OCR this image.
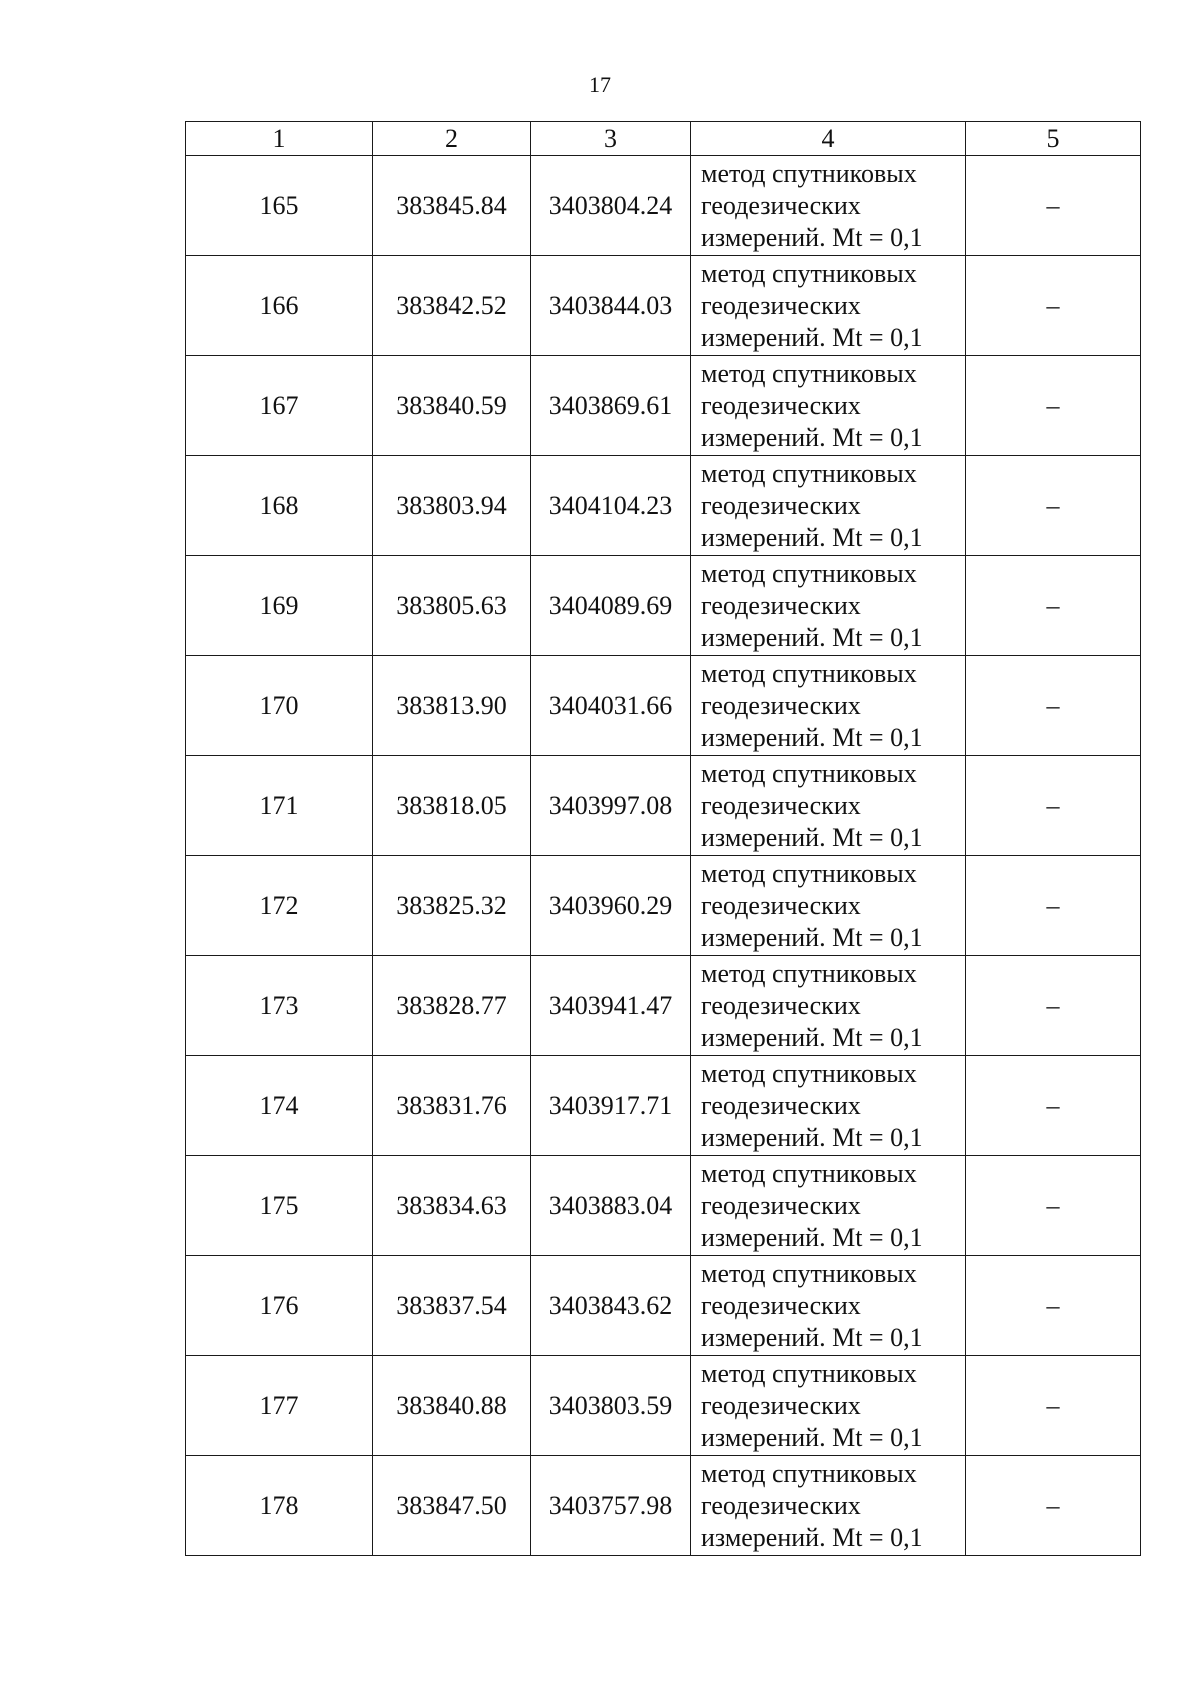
17
1	2	3	4	5
165	383845.84	3403804.24	метод спутниковых
геодезических
измерений. Mt = 0,1	–
166	383842.52	3403844.03	метод спутниковых
геодезических
измерений. Mt = 0,1	–
167	383840.59	3403869.61	метод спутниковых
геодезических
измерений. Mt = 0,1	–
168	383803.94	3404104.23	метод спутниковых
геодезических
измерений. Mt = 0,1	–
169	383805.63	3404089.69	метод спутниковых
геодезических
измерений. Mt = 0,1	–
170	383813.90	3404031.66	метод спутниковых
геодезических
измерений. Mt = 0,1	–
171	383818.05	3403997.08	метод спутниковых
геодезических
измерений. Mt = 0,1	–
172	383825.32	3403960.29	метод спутниковых
геодезических
измерений. Mt = 0,1	–
173	383828.77	3403941.47	метод спутниковых
геодезических
измерений. Mt = 0,1	–
174	383831.76	3403917.71	метод спутниковых
геодезических
измерений. Mt = 0,1	–
175	383834.63	3403883.04	метод спутниковых
геодезических
измерений. Mt = 0,1	–
176	383837.54	3403843.62	метод спутниковых
геодезических
измерений. Mt = 0,1	–
177	383840.88	3403803.59	метод спутниковых
геодезических
измерений. Mt = 0,1	–
178	383847.50	3403757.98	метод спутниковых
геодезических
измерений. Mt = 0,1	–
